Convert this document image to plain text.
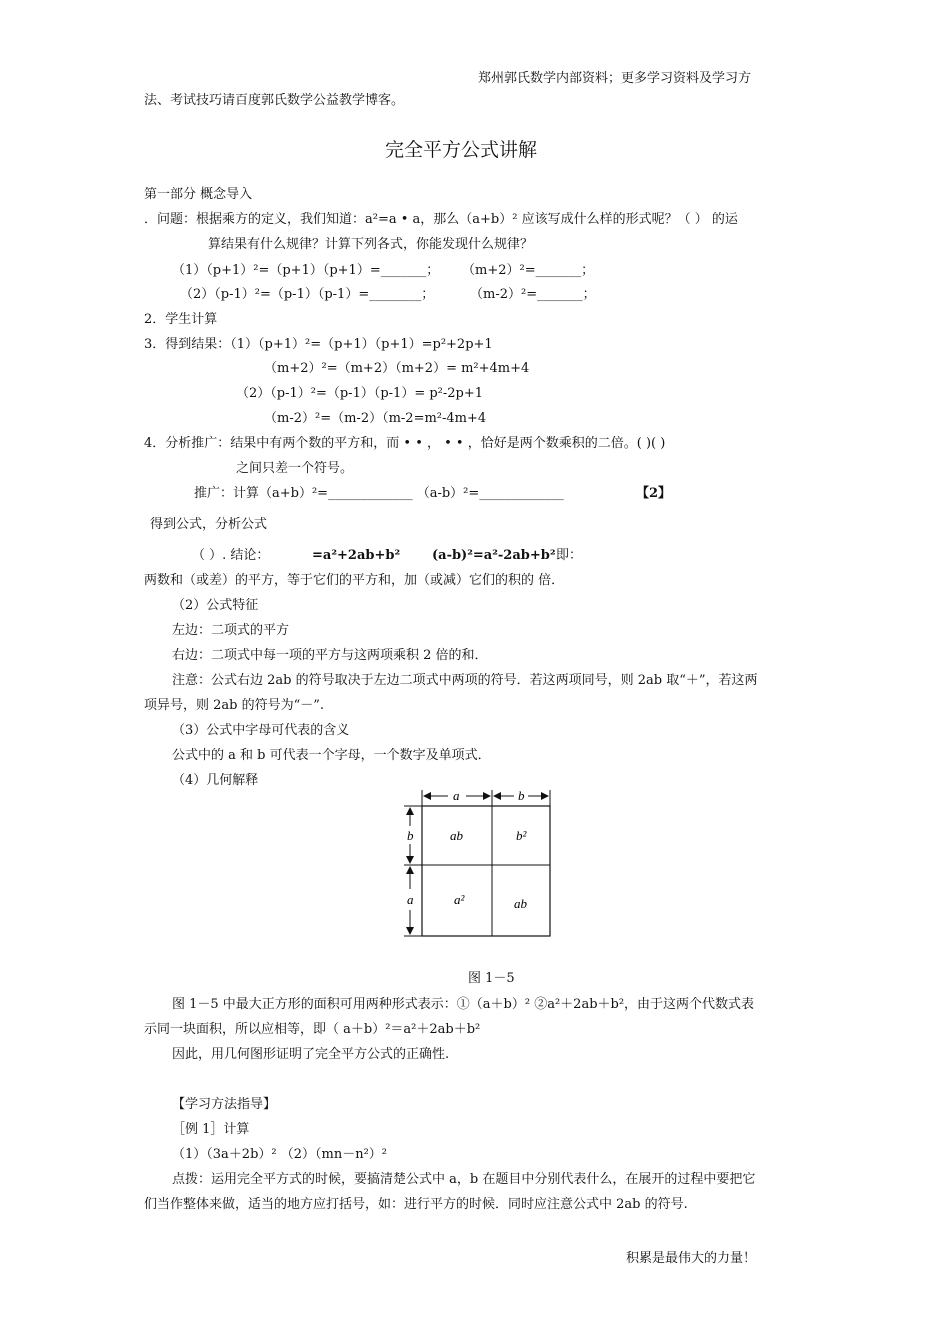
郑州郭氏数学内部资料；更多学习资料及学习方
法、考试技巧请百度郭氏数学公益教学博客。
完全平方公式讲解
第一部分 概念导入
．问题：根据乘方的定义，我们知道：a²=a • a，那么（a+b）² 应该写成什么样的形式呢？（ ） 的运
算结果有什么规律？计算下列各式，你能发现什么规律？
（1）（p+1）²=（p+1）（p+1）=_______； （m+2）²=_______；
（2）（p-1）²=（p-1）（p-1）=________；	（m-2）²=_______；
2．学生计算
3．得到结果：（1）（p+1）²=（p+1）（p+1）=p²+2p+1
（m+2）²=（m+2）（m+2）= m²+4m+4
（2）（p-1）²=（p-1）（p-1）= p²-2p+1
（m-2）²=（m-2）（m-2=m²-4m+4
4．分析推广：结果中有两个数的平方和，而 • • ， • • ，恰好是两个数乘积的二倍。( )( )
之间只差一个符号。
推广：计算（a+b）²=_____________ （a-b）²=_____________	【2】
得到公式，分析公式
（ ）. 结论：	=a²+2ab+b² (a-b)²=a²-2ab+b² 即：
两数和（或差）的平方，等于它们的平方和，加（或减）它们的积的 倍．
（2）公式特征
左边：二项式的平方
右边：二项式中每一项的平方与这两项乘积 2 倍的和．
注意：公式右边 2ab 的符号取决于左边二项式中两项的符号．若这两项同号，则 2ab 取“＋”，若这两
项异号，则 2ab 的符号为“－”.
（3）公式中字母可代表的含义
公式中的 a 和 b 可代表一个字母，一个数字及单项式．
（4）几何解释
a	b
b
a
ab	b²
a²	ab
图 1－5
图 1－5 中最大正方形的面积可用两种形式表示：①（a＋b）² ②a²＋2ab＋b²，由于这两个代数式表
示同一块面积，所以应相等，即（ a＋b）²＝a²＋2ab＋b²
因此，用几何图形证明了完全平方公式的正确性.
【学习方法指导】
［例 1］计算
（1）（3a＋2b）² （2）（mn－n²）²
点拨：运用完全平方式的时候，要搞清楚公式中 a，b 在题目中分别代表什么，在展开的过程中要把它
们当作整体来做，适当的地方应打括号，如：进行平方的时候．同时应注意公式中 2ab 的符号.
积累是最伟大的力量！
